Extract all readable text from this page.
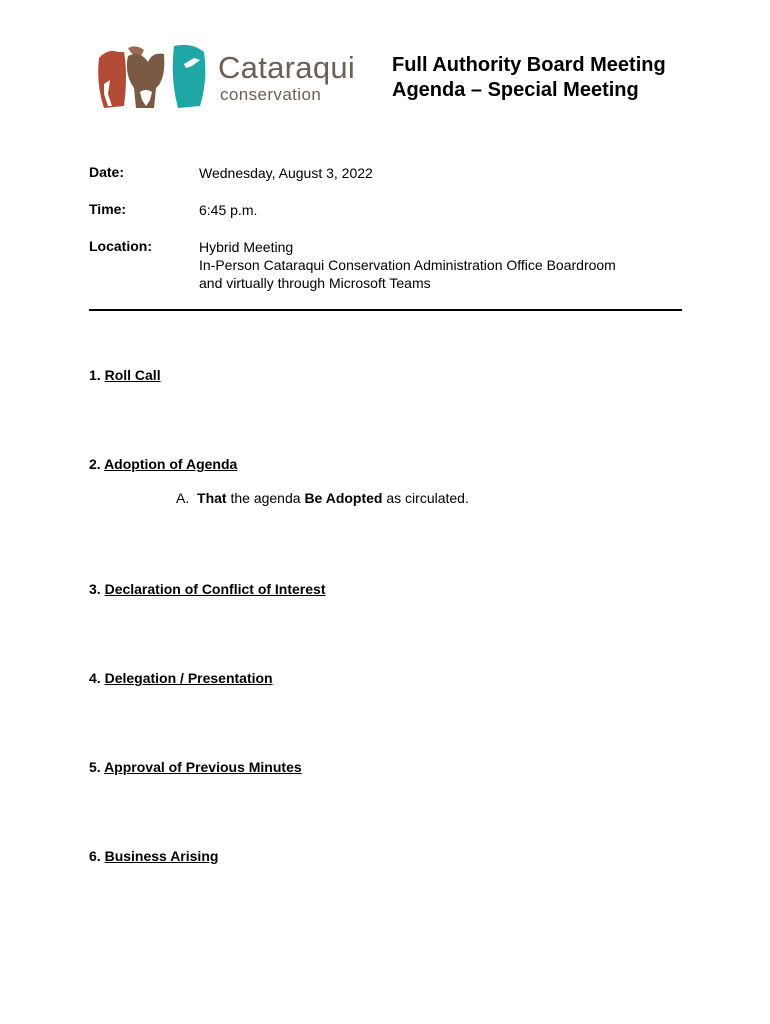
Cataraqui
conservation
Full Authority Board Meeting
Agenda – Special Meeting
Date:	Wednesday, August 3, 2022
Time:	6:45 p.m.
Location:	Hybrid Meeting
In-Person Cataraqui Conservation Administration Office Boardroom
and virtually through Microsoft Teams
1. Roll Call
2. Adoption of Agenda
A. That the agenda Be Adopted as circulated.
3. Declaration of Conflict of Interest
4. Delegation / Presentation
5. Approval of Previous Minutes
6. Business Arising
